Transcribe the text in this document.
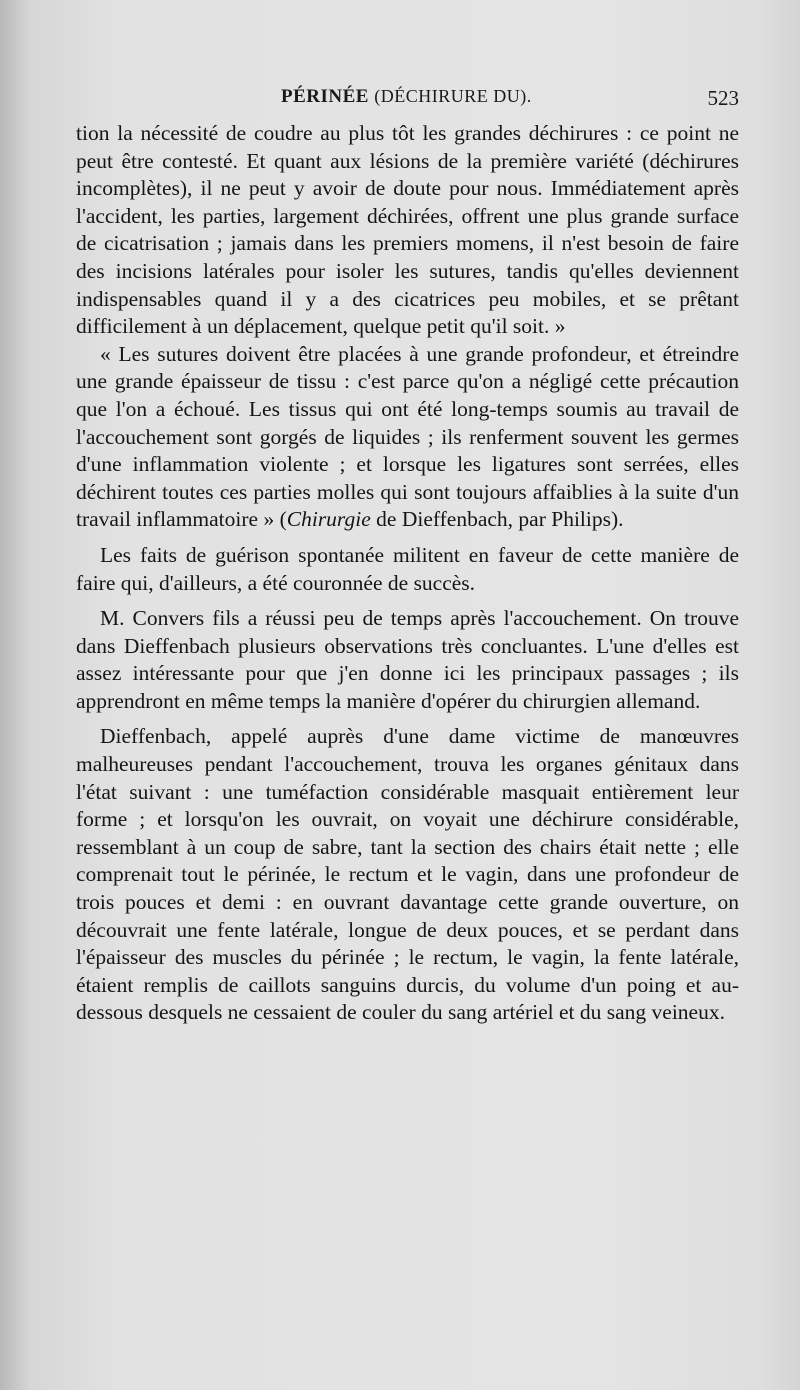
PÉRINÉE (DÉCHIRURE DU).	523

tion la nécessité de coudre au plus tôt les grandes déchirures : ce point ne peut être contesté. Et quant aux lésions de la première variété (déchirures incomplètes), il ne peut y avoir de doute pour nous. Immédiatement après l'accident, les parties, largement déchirées, offrent une plus grande surface de cicatrisation ; jamais dans les premiers momens, il n'est besoin de faire des incisions latérales pour isoler les sutures, tandis qu'elles deviennent indispensables quand il y a des cicatrices peu mobiles, et se prêtant difficilement à un déplacement, quelque petit qu'il soit. »

« Les sutures doivent être placées à une grande profondeur, et étreindre une grande épaisseur de tissu : c'est parce qu'on a négligé cette précaution que l'on a échoué. Les tissus qui ont été long-temps soumis au travail de l'accouchement sont gorgés de liquides ; ils renferment souvent les germes d'une inflammation violente ; et lorsque les ligatures sont serrées, elles déchirent toutes ces parties molles qui sont toujours affaiblies à la suite d'un travail inflammatoire » (Chirurgie de Dieffenbach, par Philips).

Les faits de guérison spontanée militent en faveur de cette manière de faire qui, d'ailleurs, a été couronnée de succès.

M. Convers fils a réussi peu de temps après l'accouchement. On trouve dans Dieffenbach plusieurs observations très concluantes. L'une d'elles est assez intéressante pour que j'en donne ici les principaux passages ; ils apprendront en même temps la manière d'opérer du chirurgien allemand.

Dieffenbach, appelé auprès d'une dame victime de manœuvres malheureuses pendant l'accouchement, trouva les organes génitaux dans l'état suivant : une tuméfaction considérable masquait entièrement leur forme ; et lorsqu'on les ouvrait, on voyait une déchirure considérable, ressemblant à un coup de sabre, tant la section des chairs était nette ; elle comprenait tout le périnée, le rectum et le vagin, dans une profondeur de trois pouces et demi : en ouvrant davantage cette grande ouverture, on découvrait une fente latérale, longue de deux pouces, et se perdant dans l'épaisseur des muscles du périnée ; le rectum, le vagin, la fente latérale, étaient remplis de caillots sanguins durcis, du volume d'un poing et au-dessous desquels ne cessaient de couler du sang artériel et du sang veineux.
